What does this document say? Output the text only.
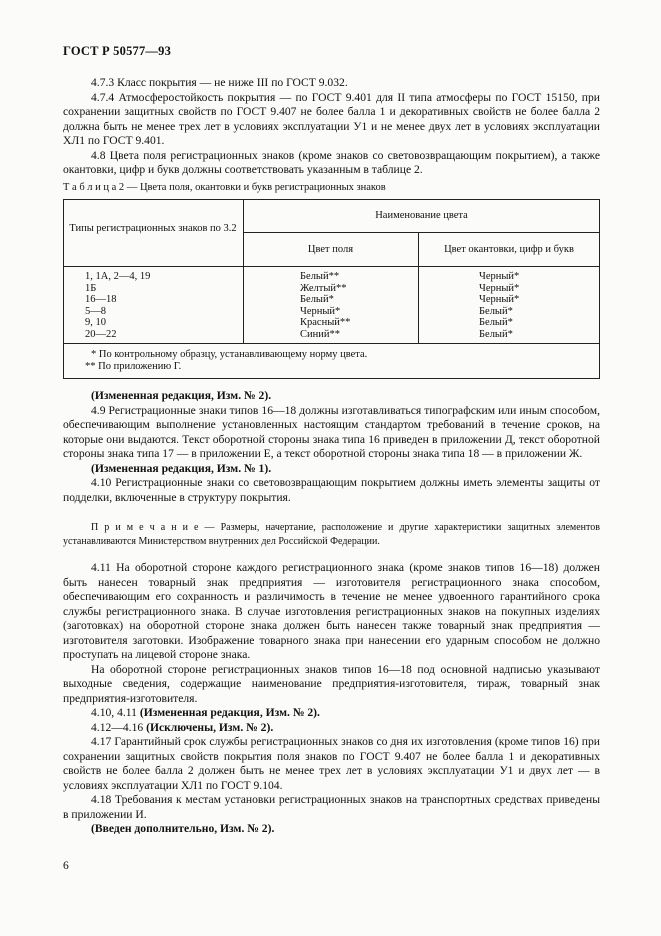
ГОСТ Р 50577—93

4.7.3 Класс покрытия — не ниже III по ГОСТ 9.032.

4.7.4 Атмосферостойкость покрытия — по ГОСТ 9.401 для II типа атмосферы по ГОСТ 15150, при сохранении защитных свойств по ГОСТ 9.407 не более балла 1 и декоративных свойств не более балла 2 должна быть не менее трех лет в условиях эксплуатации У1 и не менее двух лет в условиях эксплуатации ХЛ1 по ГОСТ 9.401.

4.8 Цвета поля регистрационных знаков (кроме знаков со световозвращающим покрытием), а также окантовки, цифр и букв должны соответствовать указанным в таблице 2.

Т а б л и ц а 2 — Цвета поля, окантовки и букв регистрационных знаков
Типы регистрационных знаков по 3.2
Наименование цвета
Цвет поля	Цвет окантовки, цифр и букв
1, 1А, 2—4, 19
1Б
16—18
5—8
9, 10
20—22
Белый**
Желтый**
Белый*
Черный*
Красный**
Синий**
Черный*
Черный*
Черный*
Белый*
Белый*
Белый*
* По контрольному образцу, устанавливающему норму цвета.
** По приложению Г.

(Измененная редакция, Изм. № 2).

4.9 Регистрационные знаки типов 16—18 должны изготавливаться типографским или иным способом, обеспечивающим выполнение установленных настоящим стандартом требований в течение сроков, на которые они выдаются. Текст оборотной стороны знака типа 16 приведен в приложении Д, текст оборотной стороны знака типа 17 — в приложении Е, а текст оборотной стороны знака типа 18 — в приложении Ж.

(Измененная редакция, Изм. № 1).

4.10 Регистрационные знаки со световозвращающим покрытием должны иметь элементы защиты от подделки, включенные в структуру покрытия.

П р и м е ч а н и е — Размеры, начертание, расположение и другие характеристики защитных элементов устанавливаются Министерством внутренних дел Российской Федерации.

4.11 На оборотной стороне каждого регистрационного знака (кроме знаков типов 16—18) должен быть нанесен товарный знак предприятия — изготовителя регистрационного знака способом, обеспечивающим его сохранность и различимость в течение не менее удвоенного гарантийного срока службы регистрационного знака. В случае изготовления регистрационных знаков на покупных изделиях (заготовках) на оборотной стороне знака должен быть нанесен также товарный знак предприятия — изготовителя заготовки. Изображение товарного знака при нанесении его ударным способом не должно проступать на лицевой стороне знака.

На оборотной стороне регистрационных знаков типов 16—18 под основной надписью указывают выходные сведения, содержащие наименование предприятия-изготовителя, тираж, товарный знак предприятия-изготовителя.

4.10, 4.11 (Измененная редакция, Изм. № 2).

4.12—4.16 (Исключены, Изм. № 2).

4.17 Гарантийный срок службы регистрационных знаков со дня их изготовления (кроме типов 16) при сохранении защитных свойств покрытия поля знаков по ГОСТ 9.407 не более балла 1 и декоративных свойств не более балла 2 должен быть не менее трех лет в условиях эксплуатации У1 и двух лет — в условиях эксплуатации ХЛ1 по ГОСТ 9.104.

4.18 Требования к местам установки регистрационных знаков на транспортных средствах приведены в приложении И.

(Введен дополнительно, Изм. № 2).

6
